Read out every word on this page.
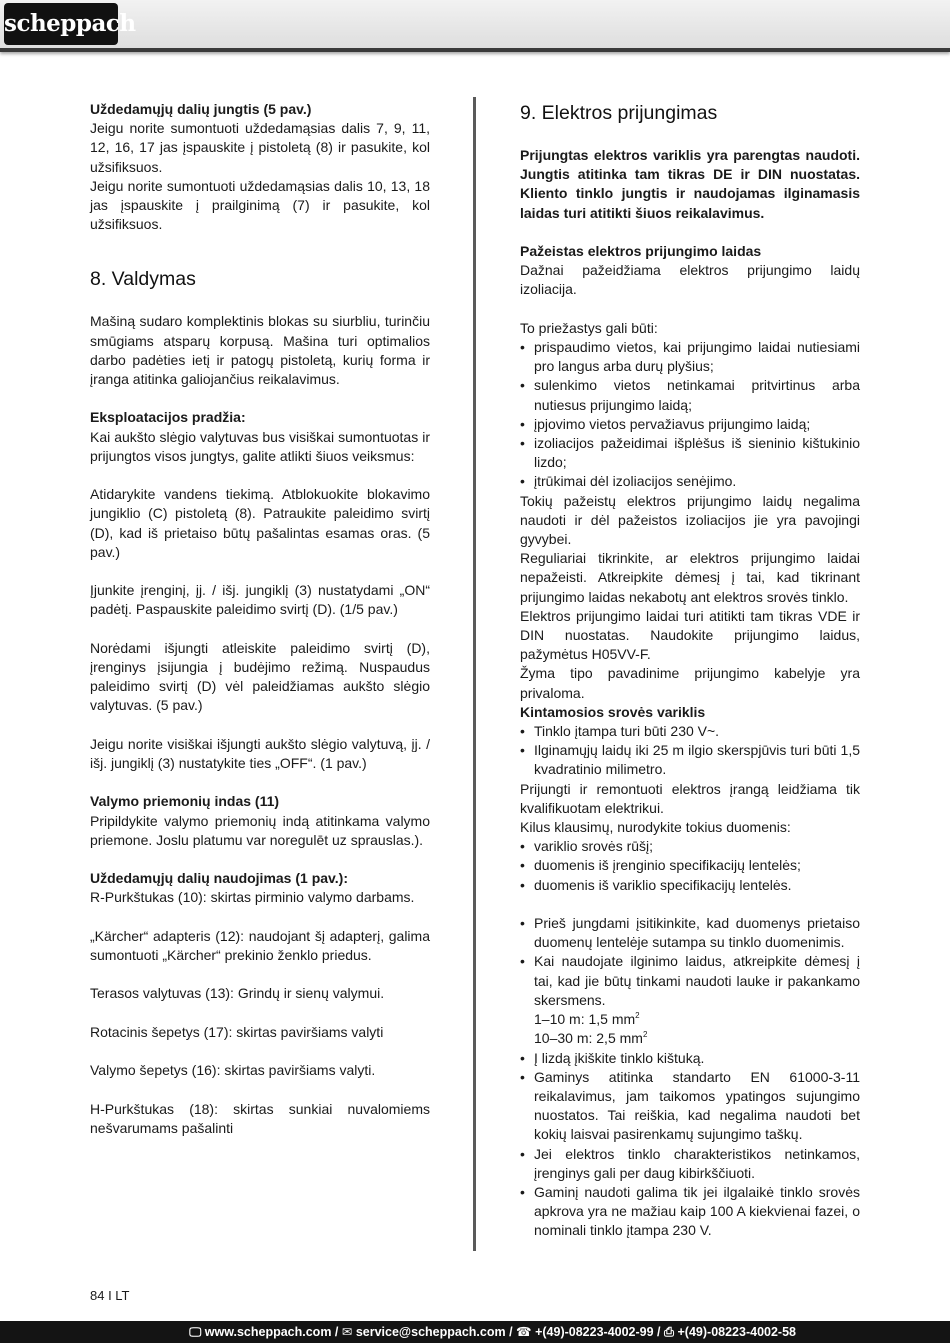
scheppach

Uždedamųjų dalių jungtis (5 pav.)

Jeigu norite sumontuoti uždedamąsias dalis 7, 9, 11, 12, 16, 17 jas įspauskite į pistoletą (8) ir pasukite, kol užsifiksuos.

Jeigu norite sumontuoti uždedamąsias dalis 10, 13, 18 jas įspauskite į prailginimą (7) ir pasukite, kol užsifiksuos.

8. Valdymas

Mašiną sudaro komplektinis blokas su siurbliu, turinčiu smūgiams atsparų korpusą. Mašina turi optimalios darbo padėties ietį ir patogų pistoletą, kurių forma ir įranga atitinka galiojančius reikalavimus.

Eksploatacijos pradžia:

Kai aukšto slėgio valytuvas bus visiškai sumontuotas ir prijungtos visos jungtys, galite atlikti šiuos veiksmus:

Atidarykite vandens tiekimą. Atblokuokite blokavimo jungiklio (C) pistoletą (8). Patraukite paleidimo svirtį (D), kad iš prietaiso būtų pašalintas esamas oras. (5 pav.)

Įjunkite įrenginį, įj. / išj. jungiklį (3) nustatydami „ON“ padėtį. Paspauskite paleidimo svirtį (D). (1/5 pav.)

Norėdami išjungti atleiskite paleidimo svirtį (D), įrenginys įsijungia į budėjimo režimą. Nuspaudus paleidimo svirtį (D) vėl paleidžiamas aukšto slėgio valytuvas. (5 pav.)

Jeigu norite visiškai išjungti aukšto slėgio valytuvą, įj. / išj. jungiklį (3) nustatykite ties „OFF“. (1 pav.)

Valymo priemonių indas (11)

Pripildykite valymo priemonių indą atitinkama valymo priemone. Joslu platumu var noregulēt uz sprauslas.).

Uždedamųjų dalių naudojimas (1 pav.):

R-Purkštukas (10): skirtas pirminio valymo darbams.

„Kärcher“ adapteris (12): naudojant šį adapterį, galima sumontuoti „Kärcher“ prekinio ženklo priedus.

Terasos valytuvas (13): Grindų ir sienų valymui.

Rotacinis šepetys (17): skirtas paviršiams valyti

Valymo šepetys (16): skirtas paviršiams valyti.

H-Purkštukas (18): skirtas sunkiai nuvalomiems nešvarumams pašalinti

9. Elektros prijungimas

Prijungtas elektros variklis yra parengtas naudoti. Jungtis atitinka tam tikras DE ir DIN nuostatas. Kliento tinklo jungtis ir naudojamas ilginamasis laidas turi atitikti šiuos reikalavimus.

Pažeistas elektros prijungimo laidas

Dažnai pažeidžiama elektros prijungimo laidų izoliacija.

To priežastys gali būti:

• prispaudimo vietos, kai prijungimo laidai nutiesiami pro langus arba durų plyšius;
• sulenkimo vietos netinkamai pritvirtinus arba nutiesus prijungimo laidą;
• įpjovimo vietos pervažiavus prijungimo laidą;
• izoliacijos pažeidimai išplėšus iš sieninio kištukinio lizdo;
• įtrūkimai dėl izoliacijos senėjimo.

Tokių pažeistų elektros prijungimo laidų negalima naudoti ir dėl pažeistos izoliacijos jie yra pavojingi gyvybei.

Reguliariai tikrinkite, ar elektros prijungimo laidai nepažeisti. Atkreipkite dėmesį į tai, kad tikrinant prijungimo laidas nekabotų ant elektros srovės tinklo.

Elektros prijungimo laidai turi atitikti tam tikras VDE ir DIN nuostatas. Naudokite prijungimo laidus, pažymėtus H05VV-F.

Žyma tipo pavadinime prijungimo kabelyje yra privaloma.

Kintamosios srovės variklis

• Tinklo įtampa turi būti 230 V~.
• Ilginamųjų laidų iki 25 m ilgio skerspjūvis turi būti 1,5 kvadratinio milimetro.

Prijungti ir remontuoti elektros įrangą leidžiama tik kvalifikuotam elektrikui.

Kilus klausimų, nurodykite tokius duomenis:

• variklio srovės rūšį;
• duomenis iš įrenginio specifikacijų lentelės;
• duomenis iš variklio specifikacijų lentelės.
• Prieš jungdami įsitikinkite, kad duomenys prietaiso duomenų lentelėje sutampa su tinklo duomenimis.
• Kai naudojate ilginimo laidus, atkreipkite dėmesį į tai, kad jie būtų tinkami naudoti lauke ir pakankamo skersmens.

1–10 m: 1,5 $mm^2$

10–30 m: 2,5 $mm^2$

• Į lizdą įkiškite tinklo kištuką.
• Gaminys atitinka standarto EN 61000-3-11 reikalavimus, jam taikomos ypatingos sujungimo nuostatos. Tai reiškia, kad negalima naudoti bet kokių laisvai pasirenkamų sujungimo taškų.
• Jei elektros tinklo charakteristikos netinkamos, įrenginys gali per daug kibirkščiuoti.
• Gaminį naudoti galima tik jei ilgalaikė tinklo srovės apkrova yra ne mažiau kaip 100 A kiekvienai fazei, o nominali tinklo įtampa 230 V.
84 I LT
🖵︎ www.scheppach.com / ✉︎ service@scheppach.com / ☎ +(49)-08223-4002-99 / ⎙ +(49)-08223-4002-58
